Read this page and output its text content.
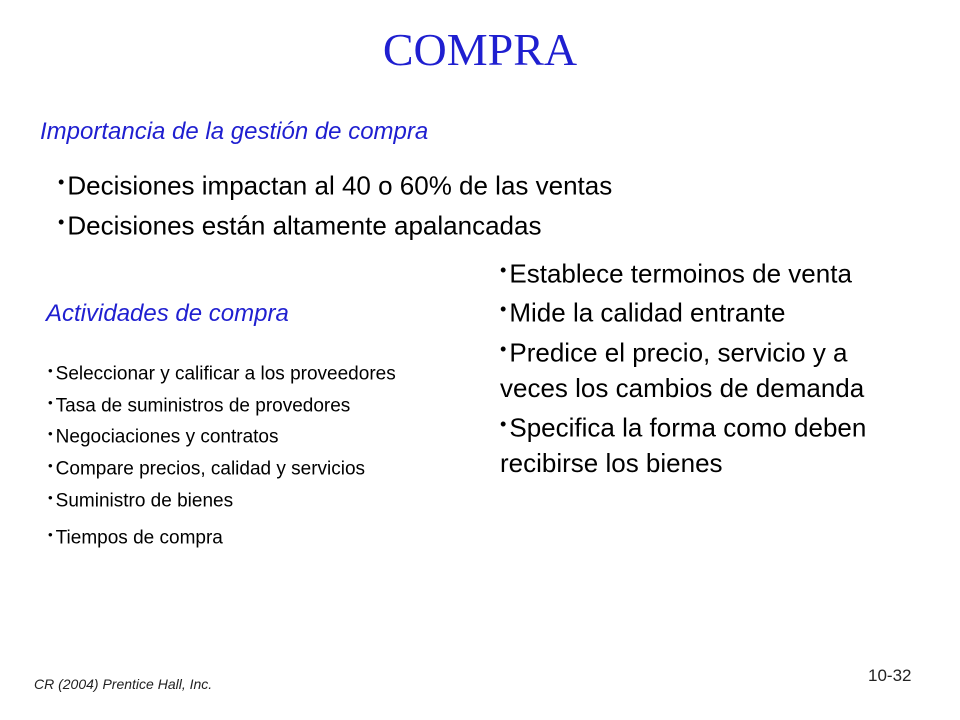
COMPRA
Importancia de la gestión de compra
• Decisiones impactan al 40 o 60% de las ventas
• Decisiones están altamente apalancadas
Actividades de compra
• Seleccionar y calificar a los proveedores
• Tasa de suministros de provedores
• Negociaciones y contratos
• Compare precios, calidad y servicios
• Suministro de bienes
• Tiempos de compra
• Establece termoinos de venta
• Mide la calidad entrante
• Predice el precio, servicio y a veces los cambios de demanda
• Specifica la forma como deben recibirse los bienes
CR (2004) Prentice Hall, Inc.	10-32
